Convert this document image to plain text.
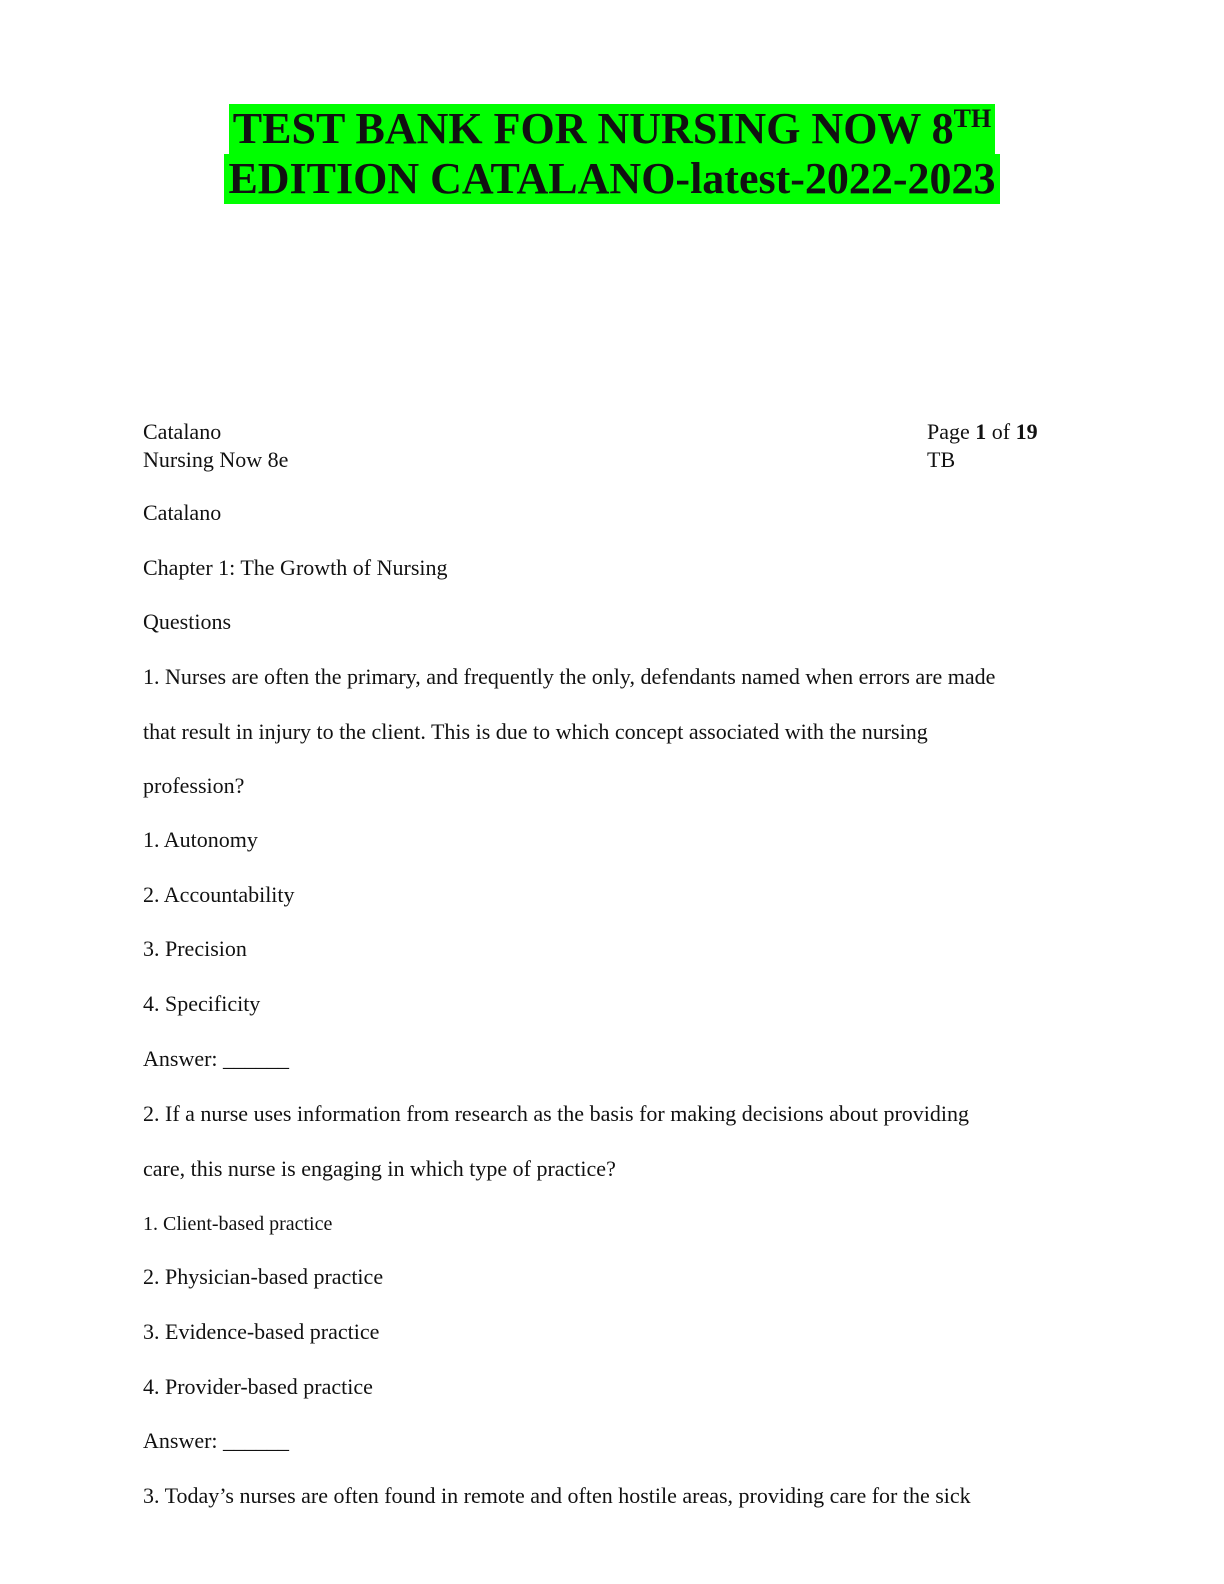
TEST BANK FOR NURSING NOW 8TH
EDITION CATALANO-latest-2022-2023
Catalano
Nursing Now 8e
Page 1 of 19
TB
Catalano
Chapter 1: The Growth of Nursing
Questions
1. Nurses are often the primary, and frequently the only, defendants named when errors are made
that result in injury to the client. This is due to which concept associated with the nursing
profession?
1. Autonomy
2. Accountability
3. Precision
4. Specificity
Answer: ______
2. If a nurse uses information from research as the basis for making decisions about providing
care, this nurse is engaging in which type of practice?
1. Client-based practice
2. Physician-based practice
3. Evidence-based practice
4. Provider-based practice
Answer: ______
3. Today’s nurses are often found in remote and often hostile areas, providing care for the sick
